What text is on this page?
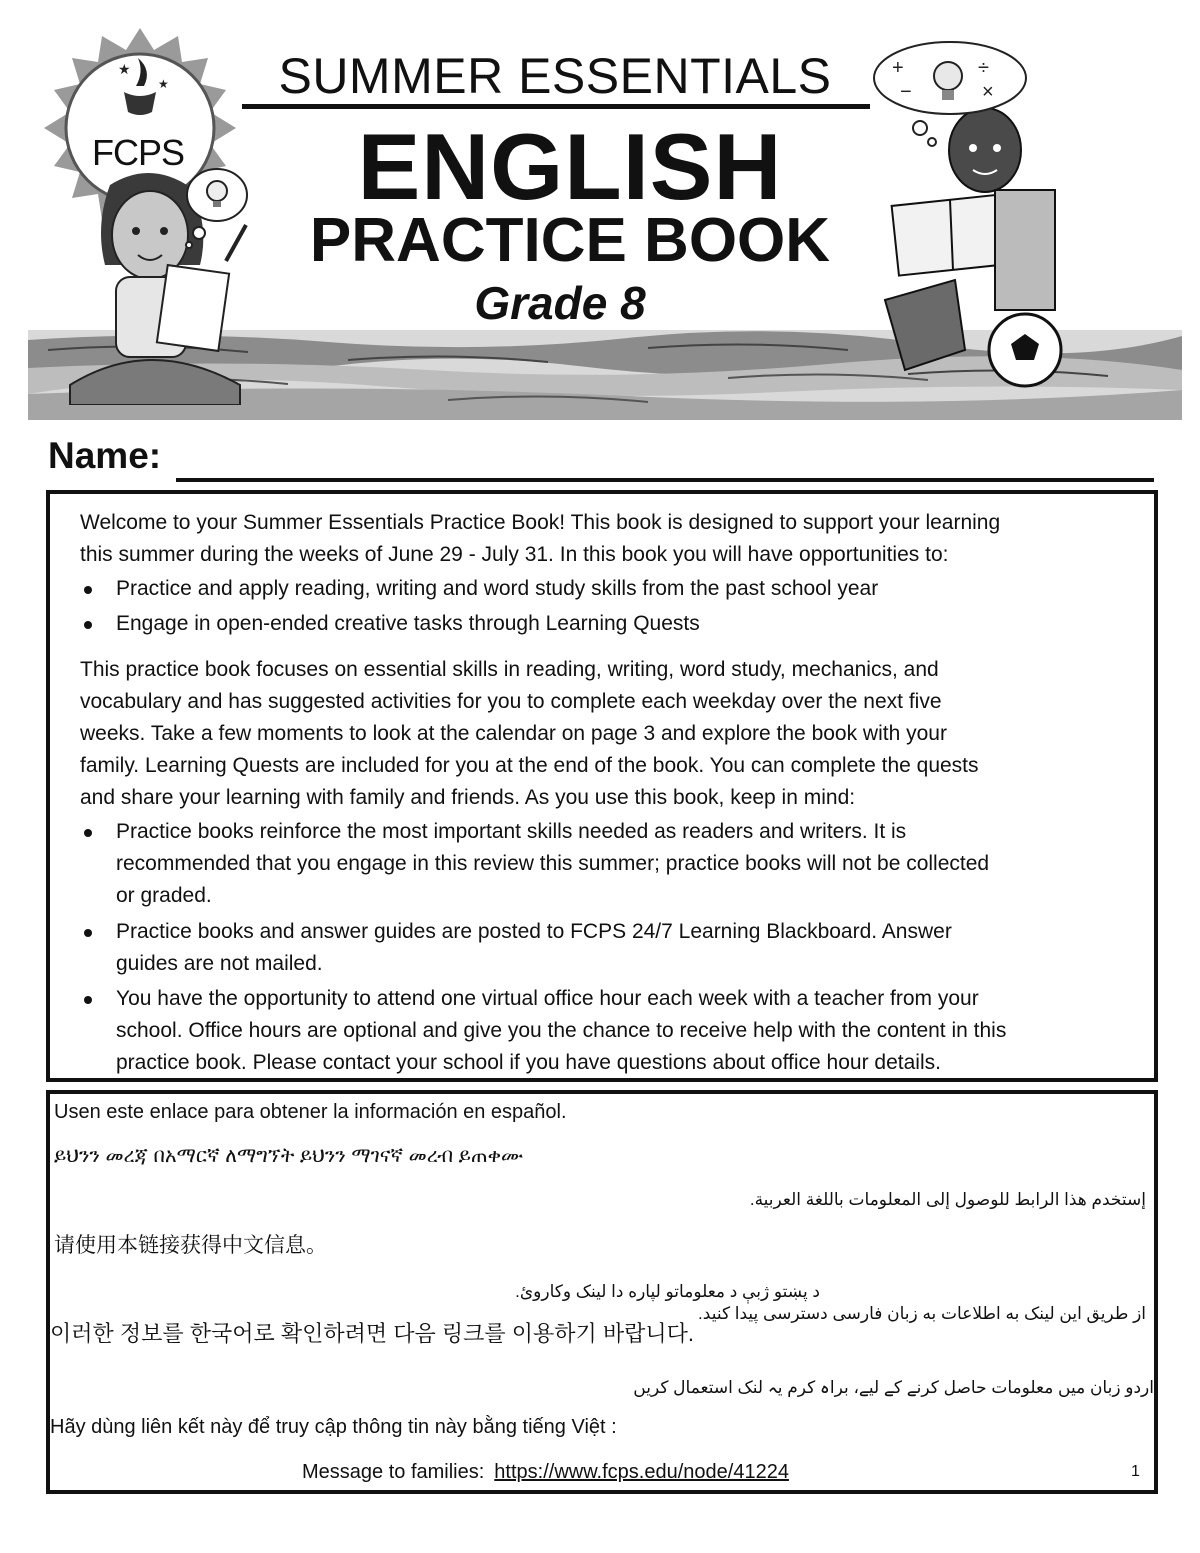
★
★
FCPS
+
−
÷
×
SUMMER ESSENTIALS
ENGLISH
PRACTICE BOOK
Grade 8
Name:
Welcome to your Summer Essentials Practice Book! This book is designed to support your learning
this summer during the weeks of June 29 - July 31. In this book you will have opportunities to:
Practice and apply reading, writing and word study skills from the past school year
Engage in open-ended creative tasks through Learning Quests
This practice book focuses on essential skills in reading, writing, word study, mechanics, and
vocabulary and has suggested activities for you to complete each weekday over the next five
weeks. Take a few moments to look at the calendar on page 3 and explore the book with your
family. Learning Quests are included for you at the end of the book. You can complete the quests
and share your learning with family and friends. As you use this book, keep in mind:
Practice books reinforce the most important skills needed as readers and writers. It is
recommended that you engage in this review this summer; practice books will not be collected
or graded.
Practice books and answer guides are posted to FCPS 24/7 Learning Blackboard. Answer
guides are not mailed.
You have the opportunity to attend one virtual office hour each week with a teacher from your
school. Office hours are optional and give you the chance to receive help with the content in this
practice book. Please contact your school if you have questions about office hour details.
Usen este enlace para obtener la información en español.
ይህንን መረጃ በአማርኛ ለማግኘት ይህንን ማገናኛ መረብ ይጠቀሙ
إستخدم هذا الرابط للوصول إلى المعلومات باللغة العربية.
请使用本链接获得中文信息。
د پښتو ژبې د معلوماتو لپاره دا لینک وکاروئ.
از طریق این لینک به اطلاعات به زبان فارسی دسترسی پیدا کنید.
이러한 정보를 한국어로 확인하려면 다음 링크를 이용하기 바랍니다.
اردو زبان میں معلومات حاصل کرنے کے لیے، براہ کرم یہ لنک استعمال کریں
Hãy dùng liên kết này để truy cập thông tin này bằng tiếng Việt :
Message to families: https://www.fcps.edu/node/41224	1
